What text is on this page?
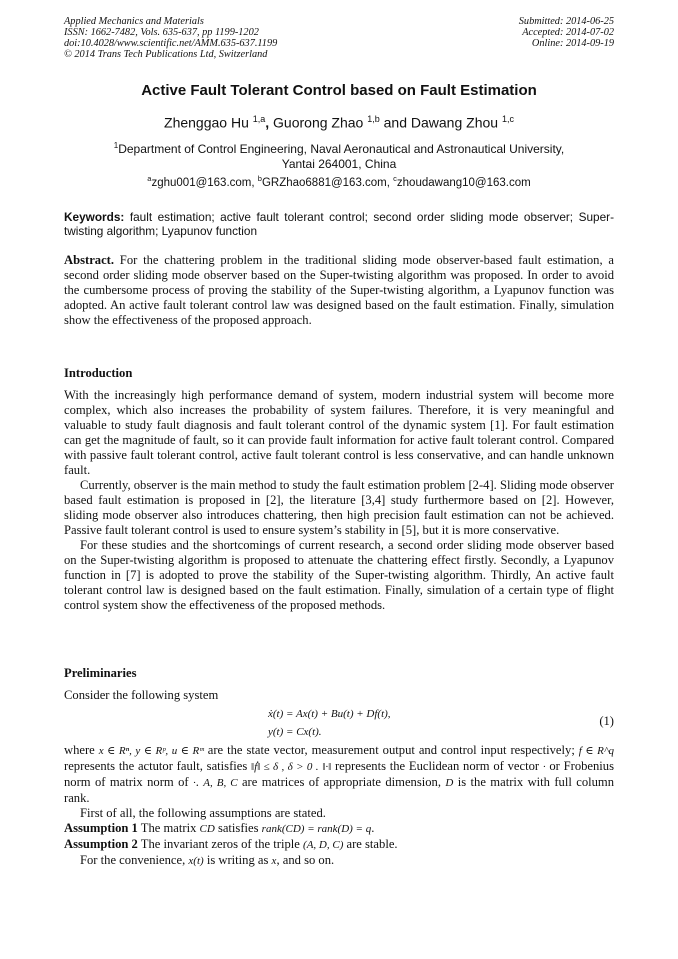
Applied Mechanics and Materials
ISSN: 1662-7482, Vols. 635-637, pp 1199-1202
doi:10.4028/www.scientific.net/AMM.635-637.1199
© 2014 Trans Tech Publications Ltd, Switzerland
Submitted: 2014-06-25
Accepted: 2014-07-02
Online: 2014-09-19
Active Fault Tolerant Control based on Fault Estimation
Zhenggao Hu $^{1,a}$, Guorong Zhao $^{1,b}$ and Dawang Zhou $^{1,c}$
$^1$Department of Control Engineering, Naval Aeronautical and Astronautical University,
Yantai 264001, China
$^a$zghu001@163.com, $^b$GRZhao6881@163.com, $^c$zhoudawang10@163.com
Keywords: fault estimation; active fault tolerant control; second order sliding mode observer; Super-twisting algorithm; Lyapunov function

Abstract. For the chattering problem in the traditional sliding mode observer-based fault estimation, a second order sliding mode observer based on the Super-twisting algorithm was proposed. In order to avoid the cumbersome process of proving the stability of the Super-twisting algorithm, a Lyapunov function was adopted. An active fault tolerant control law was designed based on the fault estimation. Finally, simulation show the effectiveness of the proposed approach.

Introduction

With the increasingly high performance demand of system, modern industrial system will become more complex, which also increases the probability of system failures. Therefore, it is very meaningful and valuable to study fault diagnosis and fault tolerant control of the dynamic system [1]. For fault estimation can get the magnitude of fault, so it can provide fault information for active fault tolerant control. Compared with passive fault tolerant control, active fault tolerant control is less conservative, and can handle unknown fault.

Currently, observer is the main method to study the fault estimation problem [2-4]. Sliding mode observer based fault estimation is proposed in [2], the literature [3,4] study furthermore based on [2]. However, sliding mode observer also introduces chattering, then high precision fault estimation can not be achieved. Passive fault tolerant control is used to ensure system’s stability in [5], but it is more conservative.

For these studies and the shortcomings of current research, a second order sliding mode observer based on the Super-twisting algorithm is proposed to attenuate the chattering effect firstly. Secondly, a Lyapunov function in [7] is adopted to prove the stability of the Super-twisting algorithm. Thirdly, An active fault tolerant control law is designed based on the fault estimation. Finally, simulation of a certain type of flight control system show the effectiveness of the proposed methods.

Preliminaries

Consider the following system

ẋ(t) = Ax(t) + Bu(t) + Df(t),
y(t) = Cx(t).
(1)

where x ∈ Rⁿ, y ∈ Rᵖ, u ∈ Rᵐ are the state vector, measurement output and control input respectively; f ∈ R^q represents the actutor fault, satisfies ‖ḟ‖ ≤ δ , δ > 0 . ‖·‖ represents the Euclidean norm of vector · or Frobenius norm of matrix norm of ·. A, B, C are matrices of appropriate dimension, D is the matrix with full column rank.

First of all, the following assumptions are stated.

Assumption 1 The matrix CD satisfies rank(CD) = rank(D) = q.

Assumption 2 The invariant zeros of the triple (A, D, C) are stable.

For the convenience, x(t) is writing as x, and so on.
